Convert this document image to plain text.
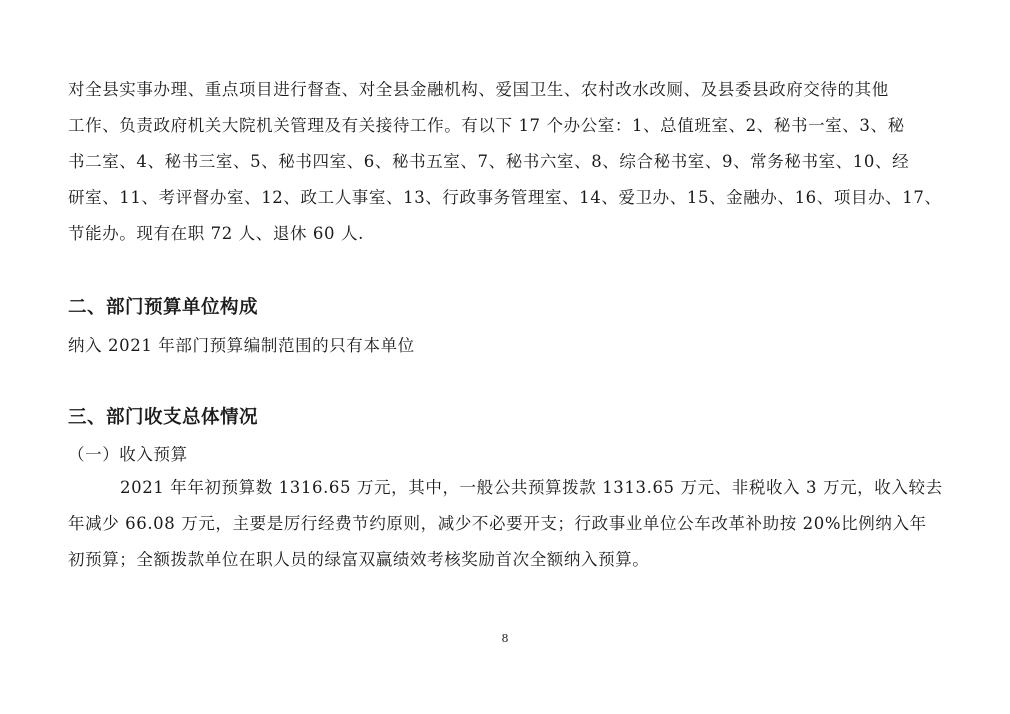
对全县实事办理、重点项目进行督查、对全县金融机构、爱国卫生、农村改水改厕、及县委县政府交待的其他
工作、负责政府机关大院机关管理及有关接待工作。有以下 17 个办公室：1、总值班室、2、秘书一室、3、秘
书二室、4、秘书三室、5、秘书四室、6、秘书五室、7、秘书六室、8、综合秘书室、9、常务秘书室、10、经
研室、11、考评督办室、12、政工人事室、13、行政事务管理室、14、爱卫办、15、金融办、16、项目办、17、
节能办。现有在职 72 人、退休 60 人.

二、部门预算单位构成

纳入 2021 年部门预算编制范围的只有本单位

三、部门收支总体情况

（一）收入预算

2021 年年初预算数 1316.65 万元，其中，一般公共预算拨款 1313.65 万元、非税收入 3 万元，收入较去
年减少 66.08 万元，主要是厉行经费节约原则，减少不必要开支；行政事业单位公车改革补助按 20%比例纳入年
初预算；全额拨款单位在职人员的绿富双赢绩效考核奖励首次全额纳入预算。

8
